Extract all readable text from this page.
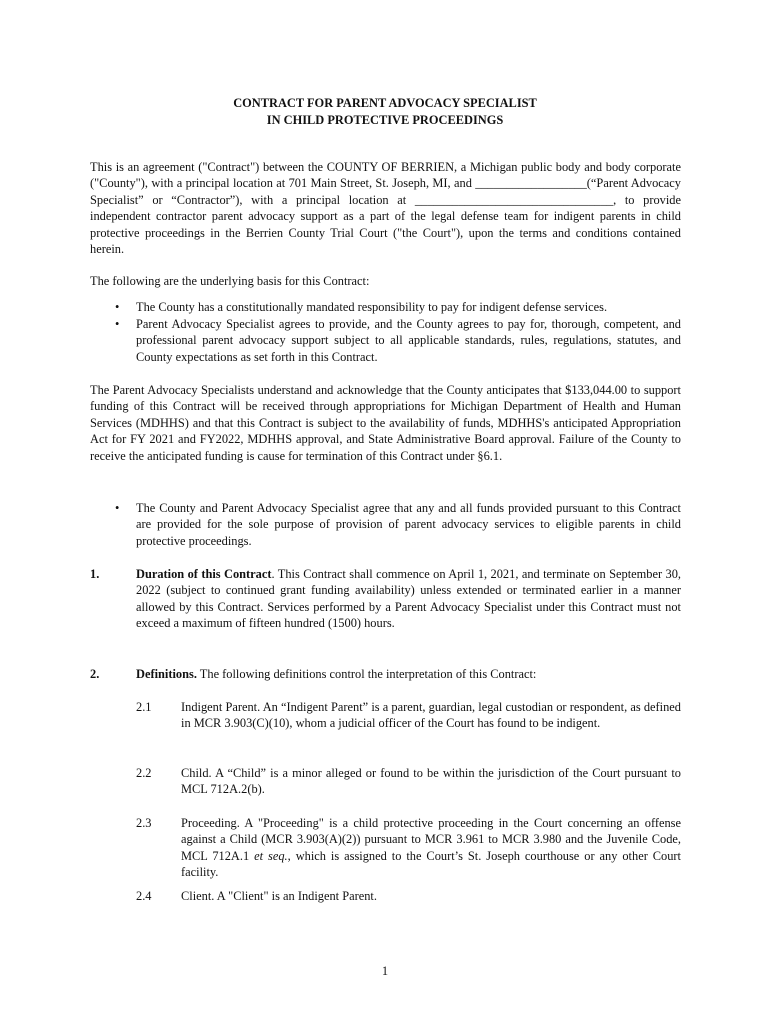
CONTRACT FOR PARENT ADVOCACY SPECIALIST
IN CHILD PROTECTIVE PROCEEDINGS
This is an agreement ("Contract") between the COUNTY OF BERRIEN, a Michigan public body and body corporate ("County"), with a principal location at 701 Main Street, St. Joseph, MI, and __________________(“Parent Advocacy Specialist” or “Contractor”), with a principal location at ________________________________, to provide independent contractor parent advocacy support as a part of the legal defense team for indigent parents in child protective proceedings in the Berrien County Trial Court ("the Court"), upon the terms and conditions contained herein.
The following are the underlying basis for this Contract:
• The County has a constitutionally mandated responsibility to pay for indigent defense services.
• Parent Advocacy Specialist agrees to provide, and the County agrees to pay for, thorough, competent, and professional parent advocacy support subject to all applicable standards, rules, regulations, statutes, and County expectations as set forth in this Contract.
The Parent Advocacy Specialists understand and acknowledge that the County anticipates that $133,044.00 to support funding of this Contract will be received through appropriations for Michigan Department of Health and Human Services (MDHHS) and that this Contract is subject to the availability of funds, MDHHS's anticipated Appropriation Act for FY 2021 and FY2022, MDHHS approval, and State Administrative Board approval. Failure of the County to receive the anticipated funding is cause for termination of this Contract under §6.1.
• The County and Parent Advocacy Specialist agree that any and all funds provided pursuant to this Contract are provided for the sole purpose of provision of parent advocacy services to eligible parents in child protective proceedings.
1.	Duration of this Contract. This Contract shall commence on April 1, 2021, and terminate on September 30, 2022 (subject to continued grant funding availability) unless extended or terminated earlier in a manner allowed by this Contract. Services performed by a Parent Advocacy Specialist under this Contract must not exceed a maximum of fifteen hundred (1500) hours.
2.	Definitions. The following definitions control the interpretation of this Contract:
2.1 Indigent Parent. An “Indigent Parent” is a parent, guardian, legal custodian or respondent, as defined in MCR 3.903(C)(10), whom a judicial officer of the Court has found to be indigent.
2.2 Child. A “Child” is a minor alleged or found to be within the jurisdiction of the Court pursuant to MCL 712A.2(b).
2.3 Proceeding. A "Proceeding" is a child protective proceeding in the Court concerning an offense against a Child (MCR 3.903(A)(2)) pursuant to MCR 3.961 to MCR 3.980 and the Juvenile Code, MCL 712A.1 et seq., which is assigned to the Court’s St. Joseph courthouse or any other Court facility.
2.4 Client. A "Client" is an Indigent Parent.
1
